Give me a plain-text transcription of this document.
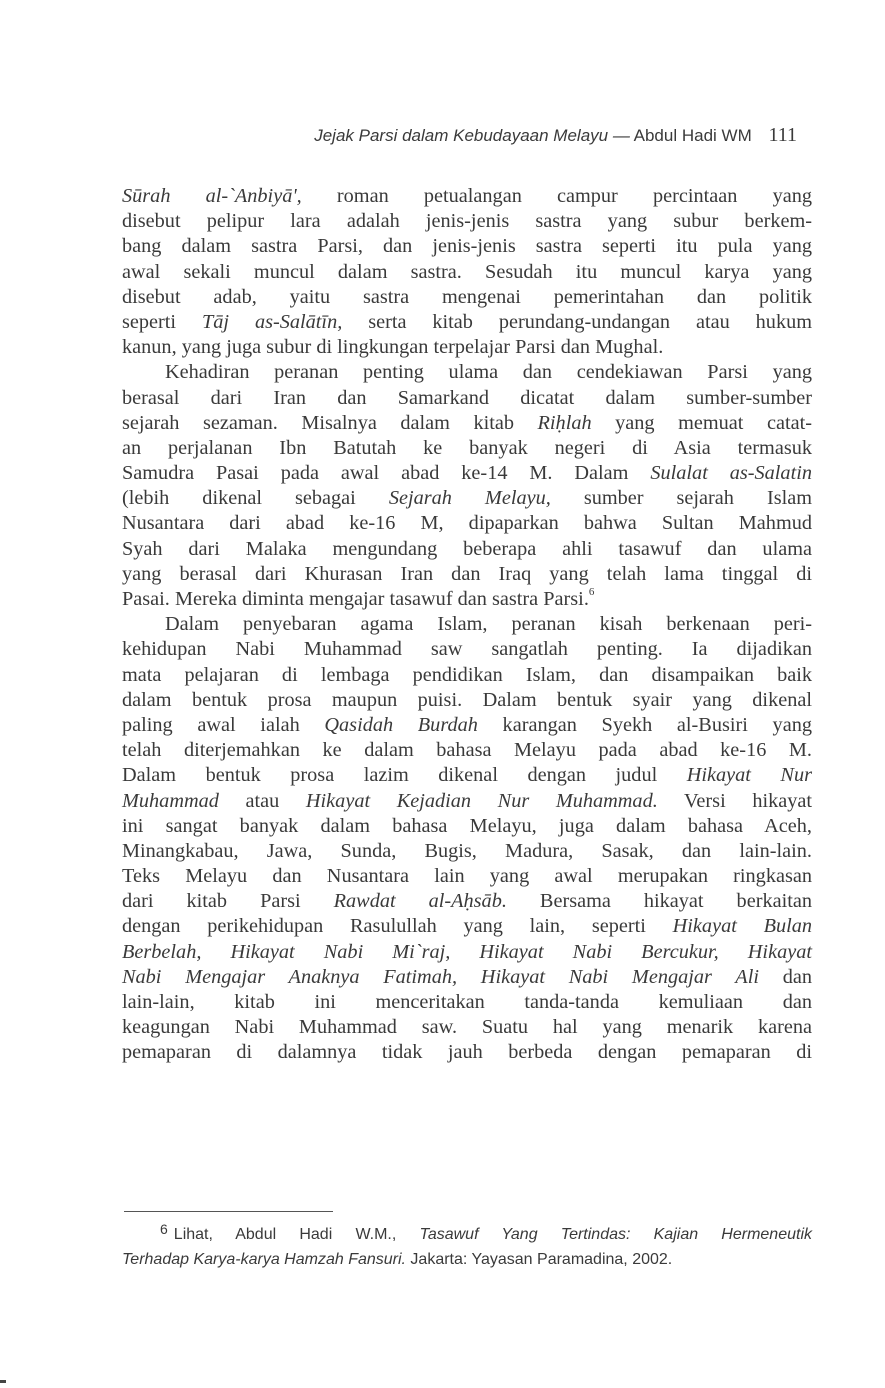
Jejak Parsi dalam Kebudayaan Melayu — Abdul Hadi WM 111
Sūrah al-`Anbiyā', roman petualangan campur percintaan yang
disebut pelipur lara adalah jenis-jenis sastra yang subur berkem-
bang dalam sastra Parsi, dan jenis-jenis sastra seperti itu pula yang
awal sekali muncul dalam sastra. Sesudah itu muncul karya yang
disebut adab, yaitu sastra mengenai pemerintahan dan politik
seperti Tāj as-Salātīn, serta kitab perundang-undangan atau hukum
kanun, yang juga subur di lingkungan terpelajar Parsi dan Mughal.
Kehadiran peranan penting ulama dan cendekiawan Parsi yang
berasal dari Iran dan Samarkand dicatat dalam sumber-sumber
sejarah sezaman. Misalnya dalam kitab Riḥlah yang memuat catat-
an perjalanan Ibn Batutah ke banyak negeri di Asia termasuk
Samudra Pasai pada awal abad ke-14 M. Dalam Sulalat as-Salatin
(lebih dikenal sebagai Sejarah Melayu, sumber sejarah Islam
Nusantara dari abad ke-16 M, dipaparkan bahwa Sultan Mahmud
Syah dari Malaka mengundang beberapa ahli tasawuf dan ulama
yang berasal dari Khurasan Iran dan Iraq yang telah lama tinggal di
Pasai. Mereka diminta mengajar tasawuf dan sastra Parsi.$^6$
Dalam penyebaran agama Islam, peranan kisah berkenaan peri-
kehidupan Nabi Muhammad saw sangatlah penting. Ia dijadikan
mata pelajaran di lembaga pendidikan Islam, dan disampaikan baik
dalam bentuk prosa maupun puisi. Dalam bentuk syair yang dikenal
paling awal ialah Qasidah Burdah karangan Syekh al-Busiri yang
telah diterjemahkan ke dalam bahasa Melayu pada abad ke-16 M.
Dalam bentuk prosa lazim dikenal dengan judul Hikayat Nur
Muhammad atau Hikayat Kejadian Nur Muhammad. Versi hikayat
ini sangat banyak dalam bahasa Melayu, juga dalam bahasa Aceh,
Minangkabau, Jawa, Sunda, Bugis, Madura, Sasak, dan lain-lain.
Teks Melayu dan Nusantara lain yang awal merupakan ringkasan
dari kitab Parsi Rawdat al-Aḥsāb. Bersama hikayat berkaitan
dengan perikehidupan Rasulullah yang lain, seperti Hikayat Bulan
Berbelah, Hikayat Nabi Mi`raj, Hikayat Nabi Bercukur, Hikayat
Nabi Mengajar Anaknya Fatimah, Hikayat Nabi Mengajar Ali dan
lain-lain, kitab ini menceritakan tanda-tanda kemuliaan dan
keagungan Nabi Muhammad saw. Suatu hal yang menarik karena
pemaparan di dalamnya tidak jauh berbeda dengan pemaparan di
6 Lihat, Abdul Hadi W.M., Tasawuf Yang Tertindas: Kajian Hermeneutik
Terhadap Karya-karya Hamzah Fansuri. Jakarta: Yayasan Paramadina, 2002.
